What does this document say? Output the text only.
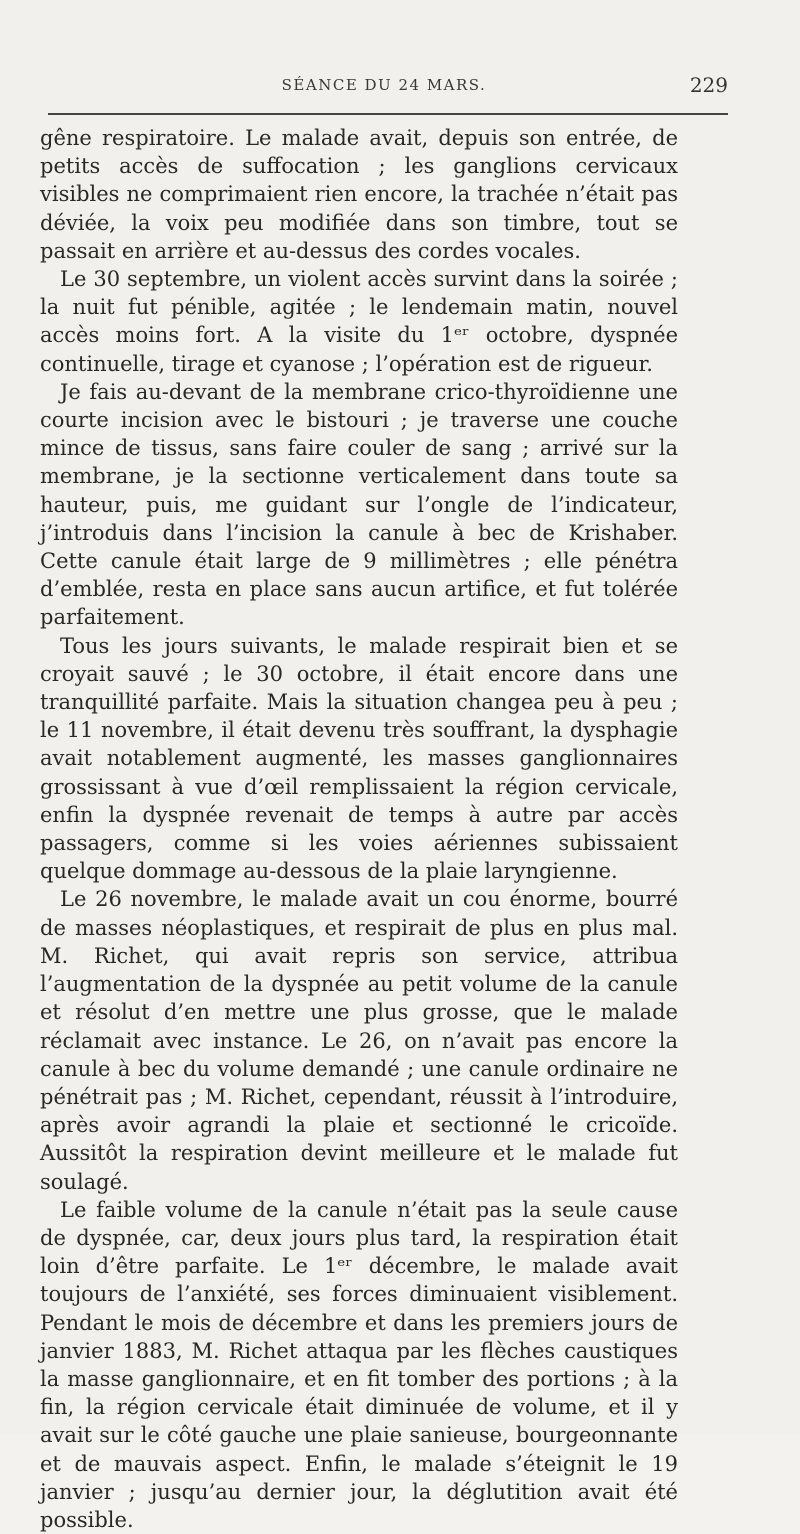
SÉANCE DU 24 MARS.	229

gêne respiratoire. Le malade avait, depuis son entrée, de petits accès de suffocation ; les ganglions cervicaux visibles ne comprimaient rien encore, la trachée n’était pas déviée, la voix peu modifiée dans son timbre, tout se passait en arrière et au-dessus des cordes vocales.

Le 30 septembre, un violent accès survint dans la soirée ; la nuit fut pénible, agitée ; le lendemain matin, nouvel accès moins fort. A la visite du 1ᵉʳ octobre, dyspnée continuelle, tirage et cyanose ; l’opération est de rigueur.

Je fais au-devant de la membrane crico-thyroïdienne une courte incision avec le bistouri ; je traverse une couche mince de tissus, sans faire couler de sang ; arrivé sur la membrane, je la sectionne verticalement dans toute sa hauteur, puis, me guidant sur l’ongle de l’indicateur, j’introduis dans l’incision la canule à bec de Krishaber. Cette canule était large de 9 millimètres ; elle pénétra d’emblée, resta en place sans aucun artifice, et fut tolérée parfaitement.

Tous les jours suivants, le malade respirait bien et se croyait sauvé ; le 30 octobre, il était encore dans une tranquillité parfaite. Mais la situation changea peu à peu ; le 11 novembre, il était devenu très souffrant, la dysphagie avait notablement augmenté, les masses ganglionnaires grossissant à vue d’œil remplissaient la région cervicale, enfin la dyspnée revenait de temps à autre par accès passagers, comme si les voies aériennes subissaient quelque dommage au-dessous de la plaie laryngienne.

Le 26 novembre, le malade avait un cou énorme, bourré de masses néoplastiques, et respirait de plus en plus mal. M. Richet, qui avait repris son service, attribua l’augmentation de la dyspnée au petit volume de la canule et résolut d’en mettre une plus grosse, que le malade réclamait avec instance. Le 26, on n’avait pas encore la canule à bec du volume demandé ; une canule ordinaire ne pénétrait pas ; M. Richet, cependant, réussit à l’introduire, après avoir agrandi la plaie et sectionné le cricoïde. Aussitôt la respiration devint meilleure et le malade fut soulagé.

Le faible volume de la canule n’était pas la seule cause de dyspnée, car, deux jours plus tard, la respiration était loin d’être parfaite. Le 1ᵉʳ décembre, le malade avait toujours de l’anxiété, ses forces diminuaient visiblement. Pendant le mois de décembre et dans les premiers jours de janvier 1883, M. Richet attaqua par les flèches caustiques la masse ganglionnaire, et en fit tomber des portions ; à la fin, la région cervicale était diminuée de volume, et il y avait sur le côté gauche une plaie sanieuse, bourgeonnante et de mauvais aspect. Enfin, le malade s’éteignit le 19 janvier ; jusqu’au dernier jour, la déglutition avait été possible.
